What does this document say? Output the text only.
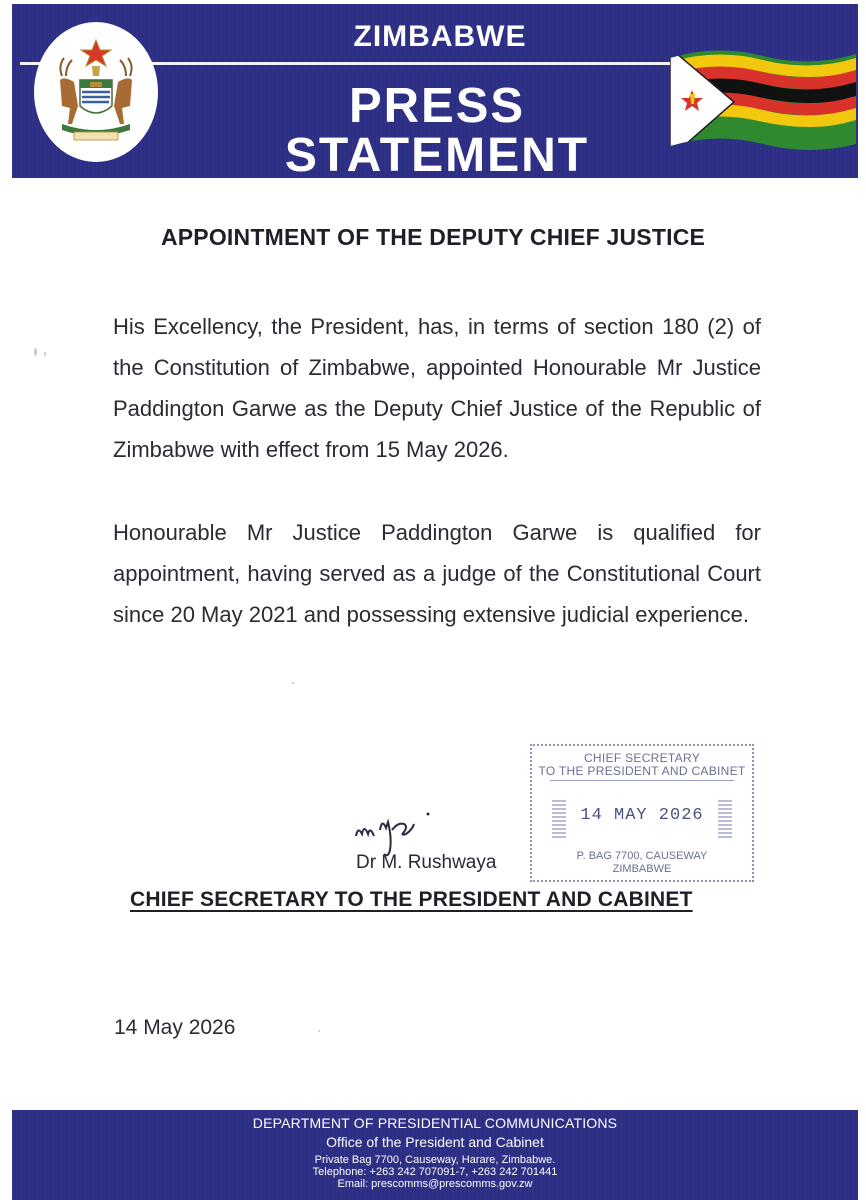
ZIMBABWE
PRESS
STATEMENT
APPOINTMENT OF THE DEPUTY CHIEF JUSTICE
His Excellency, the President, has, in terms of section 180 (2) of the Constitution of Zimbabwe, appointed Honourable Mr Justice Paddington Garwe as the Deputy Chief Justice of the Republic of Zimbabwe with effect from 15 May 2026.
Honourable Mr Justice Paddington Garwe is qualified for appointment, having served as a judge of the Constitutional Court since 20 May 2021 and possessing extensive judicial experience.
CHIEF SECRETARY
TO THE PRESIDENT AND CABINET
14 MAY 2026
P. BAG 7700, CAUSEWAY
ZIMBABWE
Dr M. Rushwaya
CHIEF SECRETARY TO THE PRESIDENT AND CABINET
14 May 2026
DEPARTMENT OF PRESIDENTIAL COMMUNICATIONS
Office of the President and Cabinet
Private Bag 7700, Causeway, Harare, Zimbabwe.
Telephone: +263 242 707091-7, +263 242 701441
Email: prescomms@prescomms.gov.zw
